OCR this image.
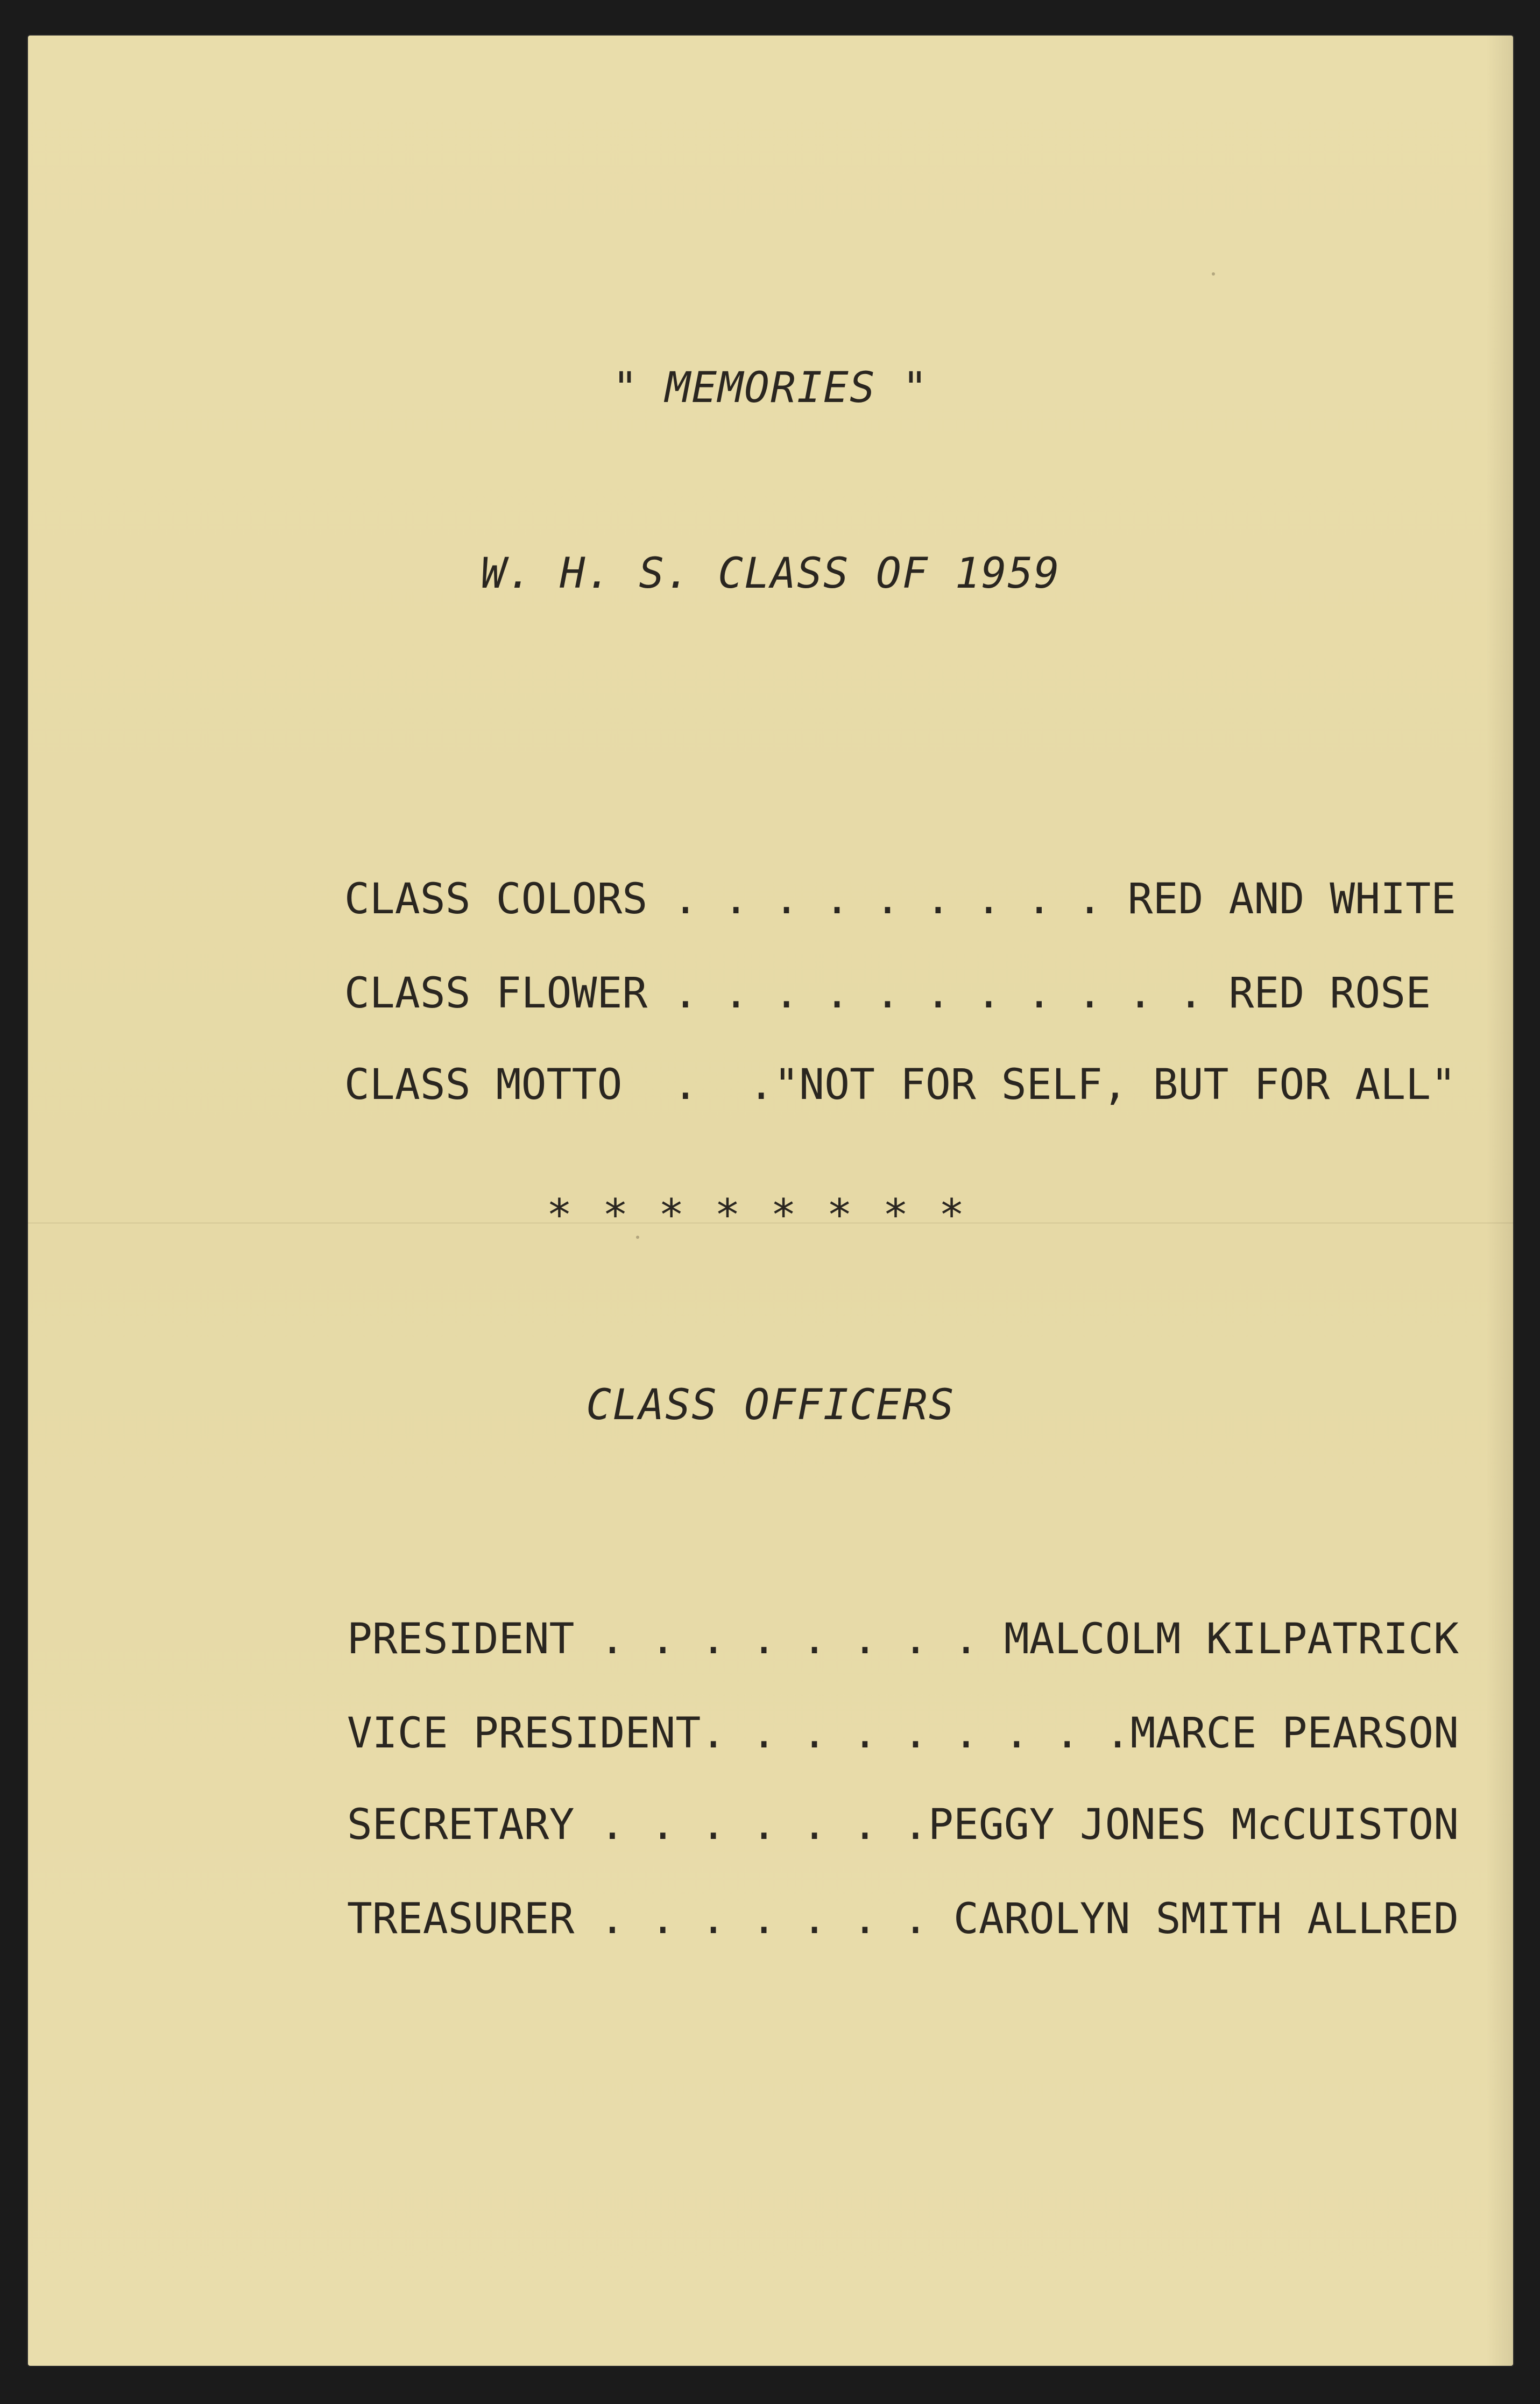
" MEMORIES "
W. H. S. CLASS OF 1959

CLASS COLORS . . . . . . . . . RED AND WHITE

CLASS FLOWER . . . . . . . . . . . RED ROSE

CLASS MOTTO  .  ."NOT FOR SELF, BUT FOR ALL"

********
CLASS OFFICERS

PRESIDENT . . . . . . . . MALCOLM KILPATRICK

VICE PRESIDENT. . . . . . . . .MARCE PEARSON

SECRETARY . . . . . . .PEGGY JONES McCUISTON

TREASURER . . . . . . . CAROLYN SMITH ALLRED
